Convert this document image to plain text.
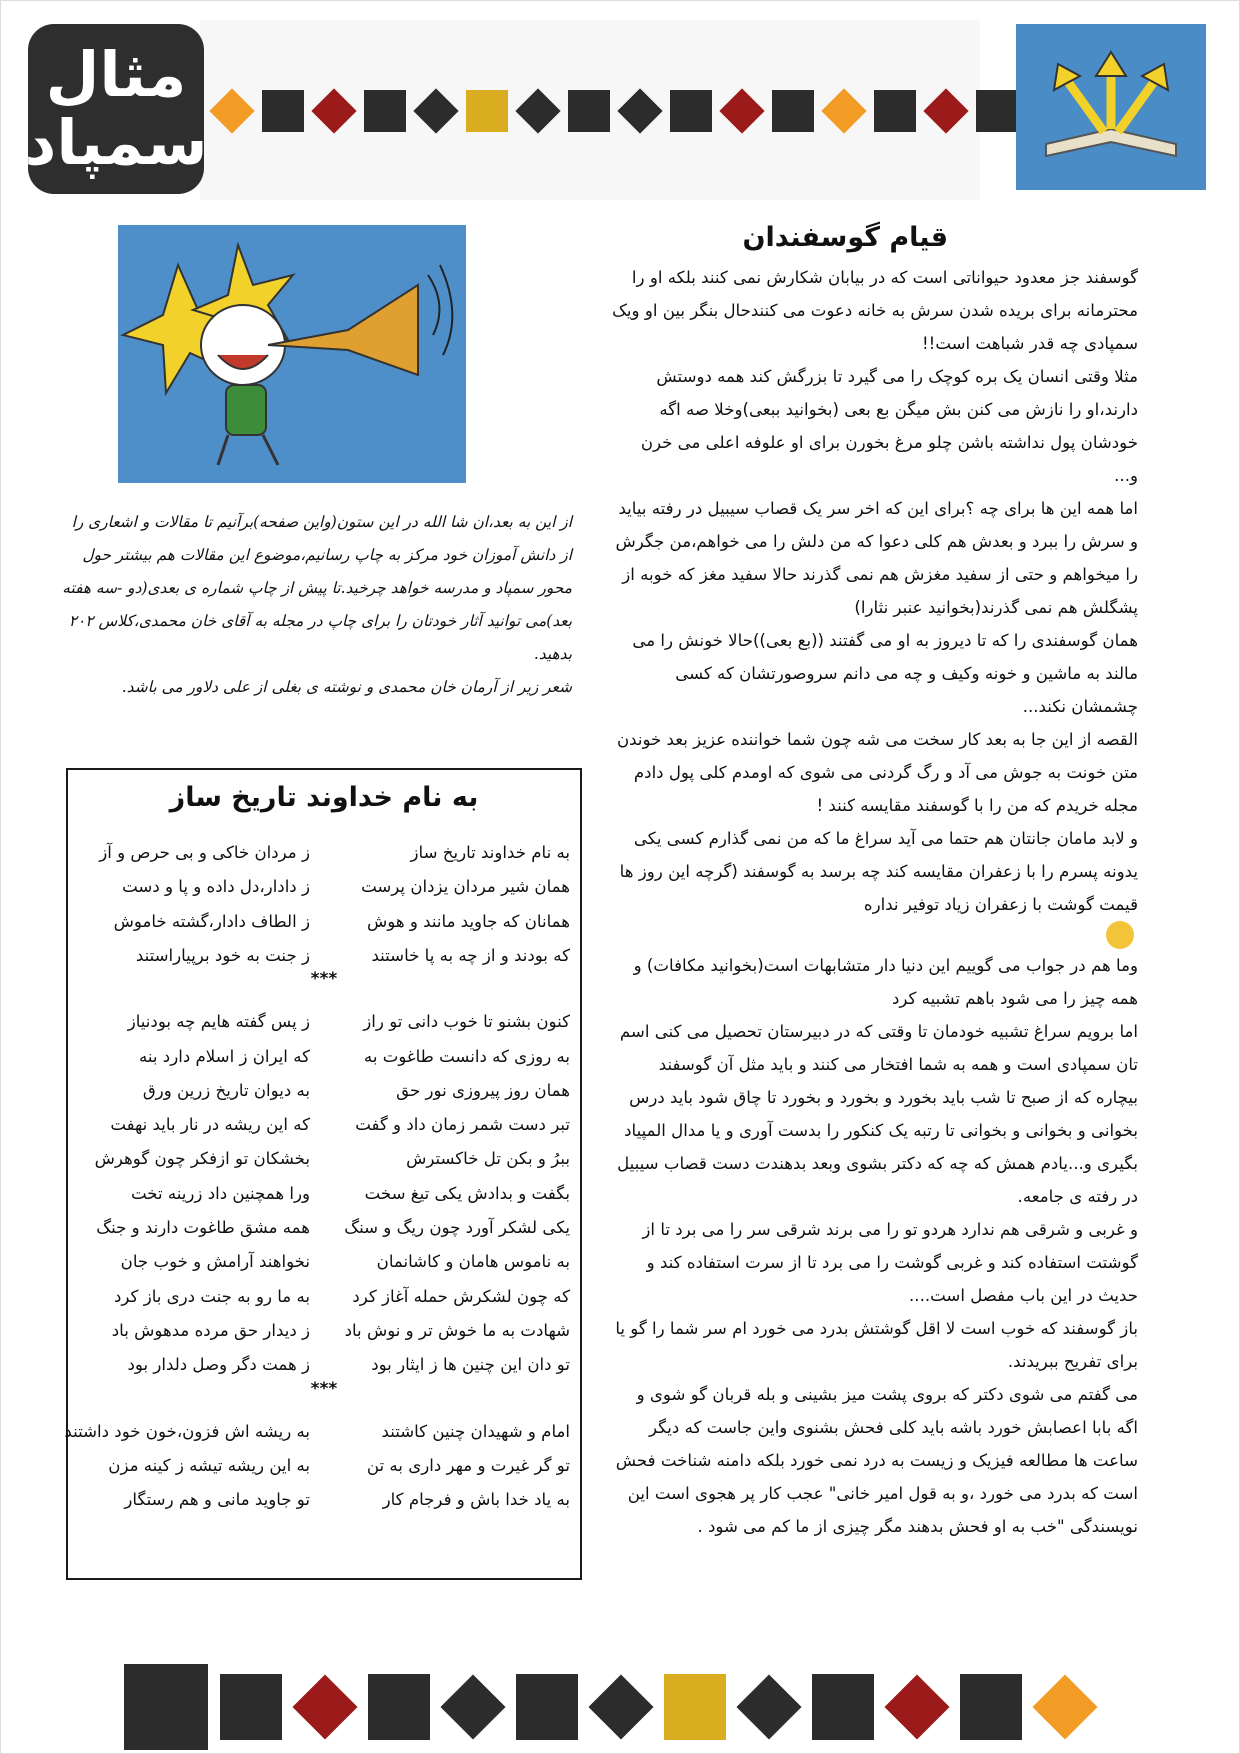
مثال
سمپاد
قیام گوسفندان

گوسفند جز معدود حیواناتی است که در بیابان شکارش نمی کنند بلکه او را محترمانه برای بریده شدن سرش به خانه دعوت می کنندحال بنگر بین او ویک سمپادی چه قدر شباهت است!!

مثلا وقتی انسان یک بره کوچک را می گیرد تا بزرگش کند همه دوستش دارند،او را نازش می کنن بش میگن بع بعی (بخوانید ببعی)وخلا صه اگه خودشان پول نداشته باشن چلو مرغ بخورن برای او علوفه اعلی می خرن و...

اما همه این ها برای چه ؟برای این که اخر سر یک قصاب سیبیل در رفته بیاید و سرش را ببرد و بعدش هم کلی دعوا که من دلش را می خواهم،من جگرش را میخواهم و حتی از سفید مغزش هم نمی گذرند حالا سفید مغز که خوبه از پشگلش هم نمی گذرند(بخوانید عنبر نثارا)

همان گوسفندی را که تا دیروز به او می گفتند ((بع بعی))حالا خونش را می مالند به ماشین و خونه وکیف و چه می دانم سروصورتشان که کسی چشمشان نکند...

القصه از این جا به بعد کار سخت می شه چون شما خواننده عزیز بعد خوندن متن خونت به جوش می آد و رگ گردنی می شوی که اومدم کلی پول دادم مجله خریدم که من را با گوسفند مقایسه کنند !

و لابد مامان جانتان هم حتما می آید سراغ ما که من نمی گذارم کسی یکی یدونه پسرم را با زعفران مقایسه کند چه برسد به گوسفند (گرچه این روز ها قیمت گوشت با زعفران زیاد توفیر نداره

وما هم در جواب می گوییم این دنیا دار متشابهات است(بخوانید مکافات) و همه چیز را می شود باهم تشبیه کرد

اما برویم سراغ تشبیه خودمان تا وقتی که در دبیرستان تحصیل می کنی اسم تان سمپادی است و همه به شما افتخار می کنند و باید مثل آن گوسفند بیچاره که از صبح تا شب باید بخورد و بخورد و بخورد تا چاق شود باید درس بخوانی و بخوانی و بخوانی تا رتبه یک کنکور را بدست آوری و یا مدال المپیاد بگیری و...یادم همش که چه که دکتر بشوی وبعد بدهندت دست قصاب سیبیل در رفته ی جامعه.

و غربی و شرقی هم ندارد هردو تو را می برند شرقی سر را می برد تا از گوشتت استفاده کند و غربی گوشت را می برد تا از سرت استفاده کند و حدیث در این باب مفصل است....

باز گوسفند که خوب است لا اقل گوشتش بدرد می خورد ام سر شما را گو یا برای تفریح ببریدند.

می گفتم می شوی دکتر که بروی پشت میز بشینی و بله قربان گو شوی و اگه بابا اعصابش خورد باشه باید کلی فحش بشنوی واین جاست که دیگر ساعت ها مطالعه فیزیک و زیست به درد نمی خورد بلکه دامنه شناخت فحش است که بدرد می خورد ،و به قول امیر خانی" عجب کار پر هجوی است این نویسندگی "خب به او فحش بدهند مگر چیزی از ما کم می شود .

از این به بعد،ان شا الله در این ستون(واین صفحه)برآنیم تا مقالات و اشعاری را از دانش آموزان خود مرکز به چاپ رسانیم،موضوع این مقالات هم بیشتر حول محور سمپاد و مدرسه خواهد چرخید.تا پیش از چاپ شماره ی بعدی(دو -سه هفته بعد)می توانید آثار خودتان را برای چاپ در مجله به آقای خان محمدی،کلاس ۲۰۲ بدهید.

شعر زیر از آرمان خان محمدی و نوشته ی بغلی از علی دلاور می باشد.

به نام خداوند تاریخ ساز
به نام خداوند تاریخ ساز
ز مردان خاکی و بی حرص و آز
همان شیر مردان یزدان پرست
ز دادار،دل داده و پا و دست
همانان که جاوید مانند و هوش
ز الطاف دادار،گشته خاموش
که بودند و از چه به پا خاستند
ز جنت به خود برپیاراستند
***
کنون بشنو تا خوب دانی تو راز
ز پس گفته هایم چه بودنیاز
به روزی که دانست طاغوت به
که ایران ز اسلام دارد بنه
همان روز پیروزی نور حق
به دیوان تاریخ زرین ورق
تبر دست شمر زمان داد و گفت
که این ریشه در نار باید نهفت
ببرُ و بکن تل خاکسترش
بخشکان تو ازفکر چون گوهرش
بگفت و بدادش یکی تیغ سخت
ورا همچنین داد زرینه تخت
یکی لشکر آورد چون ریگ و سنگ
همه مشق طاغوت دارند و جنگ
به ناموس هامان و کاشانمان
نخواهند آرامش و خوب جان
که چون لشکرش حمله آغاز کرد
به ما رو به جنت دری باز کرد
شهادت به ما خوش تر و نوش باد
ز دیدار حق مرده مدهوش باد
تو دان این چنین ها ز ایثار بود
ز همت دگر وصل دلدار بود
***
امام و شهیدان چنین کاشتند
به ریشه اش فزون،خون خود داشتند
تو گر غیرت و مهر داری به تن
به این ریشه تیشه ز کینه مزن
به یاد خدا باش و فرجام کار
تو جاوید مانی و هم رستگار
